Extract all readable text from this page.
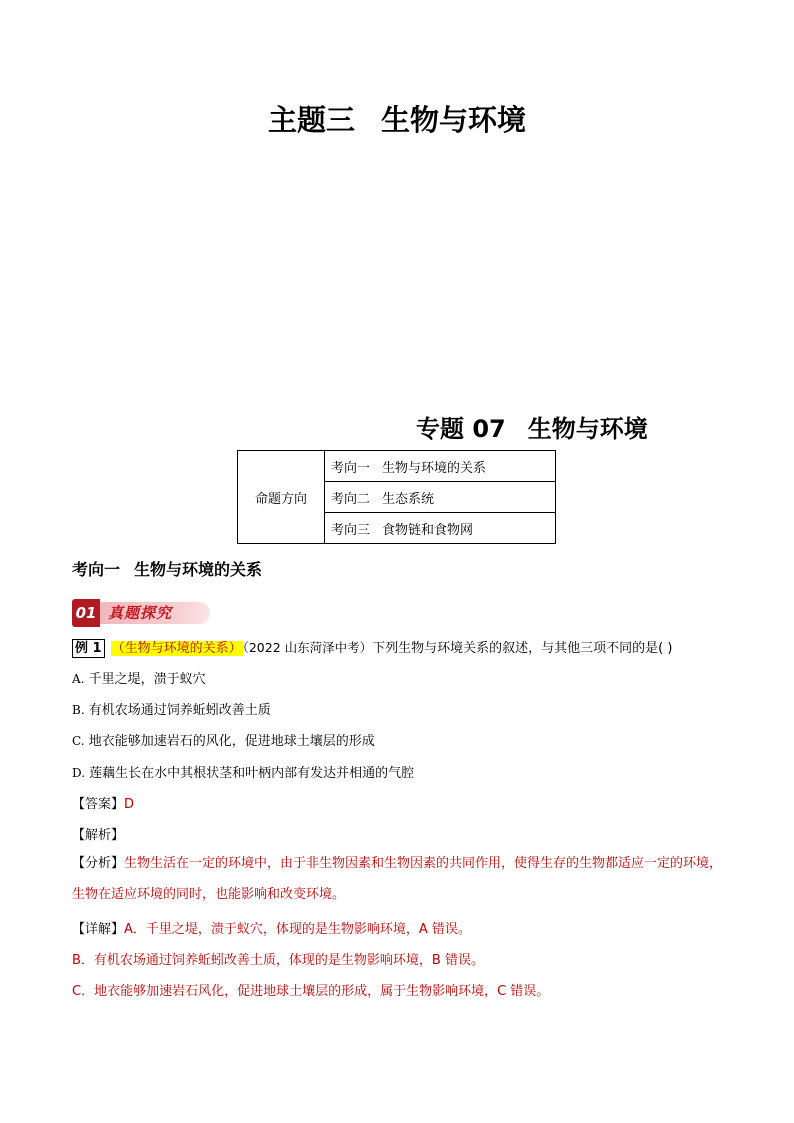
主题三 生物与环境
专题 07 生物与环境
命题方向	考向一 生物与环境的关系
考向二 生态系统
考向三 食物链和食物网
考向一 生物与环境的关系
真题探究
01
例 1 （生物与环境的关系）（2022 山东菏泽中考）下列生物与环境关系的叙述，与其他三项不同的是( )
A. 千里之堤，溃于蚁穴
B. 有机农场通过饲养蚯蚓改善土质
C. 地衣能够加速岩石的风化，促进地球土壤层的形成
D. 莲藕生长在水中其根状茎和叶柄内部有发达并相通的气腔
【答案】D
【解析】
【分析】生物生活在一定的环境中，由于非生物因素和生物因素的共同作用，使得生存的生物都适应一定的环境，生物在适应环境的同时，也能影响和改变环境。
【详解】A．千里之堤，溃于蚁穴，体现的是生物影响环境，A 错误。
B．有机农场通过饲养蚯蚓改善土质，体现的是生物影响环境，B 错误。
C．地衣能够加速岩石风化，促进地球土壤层的形成，属于生物影响环境，C 错误。
